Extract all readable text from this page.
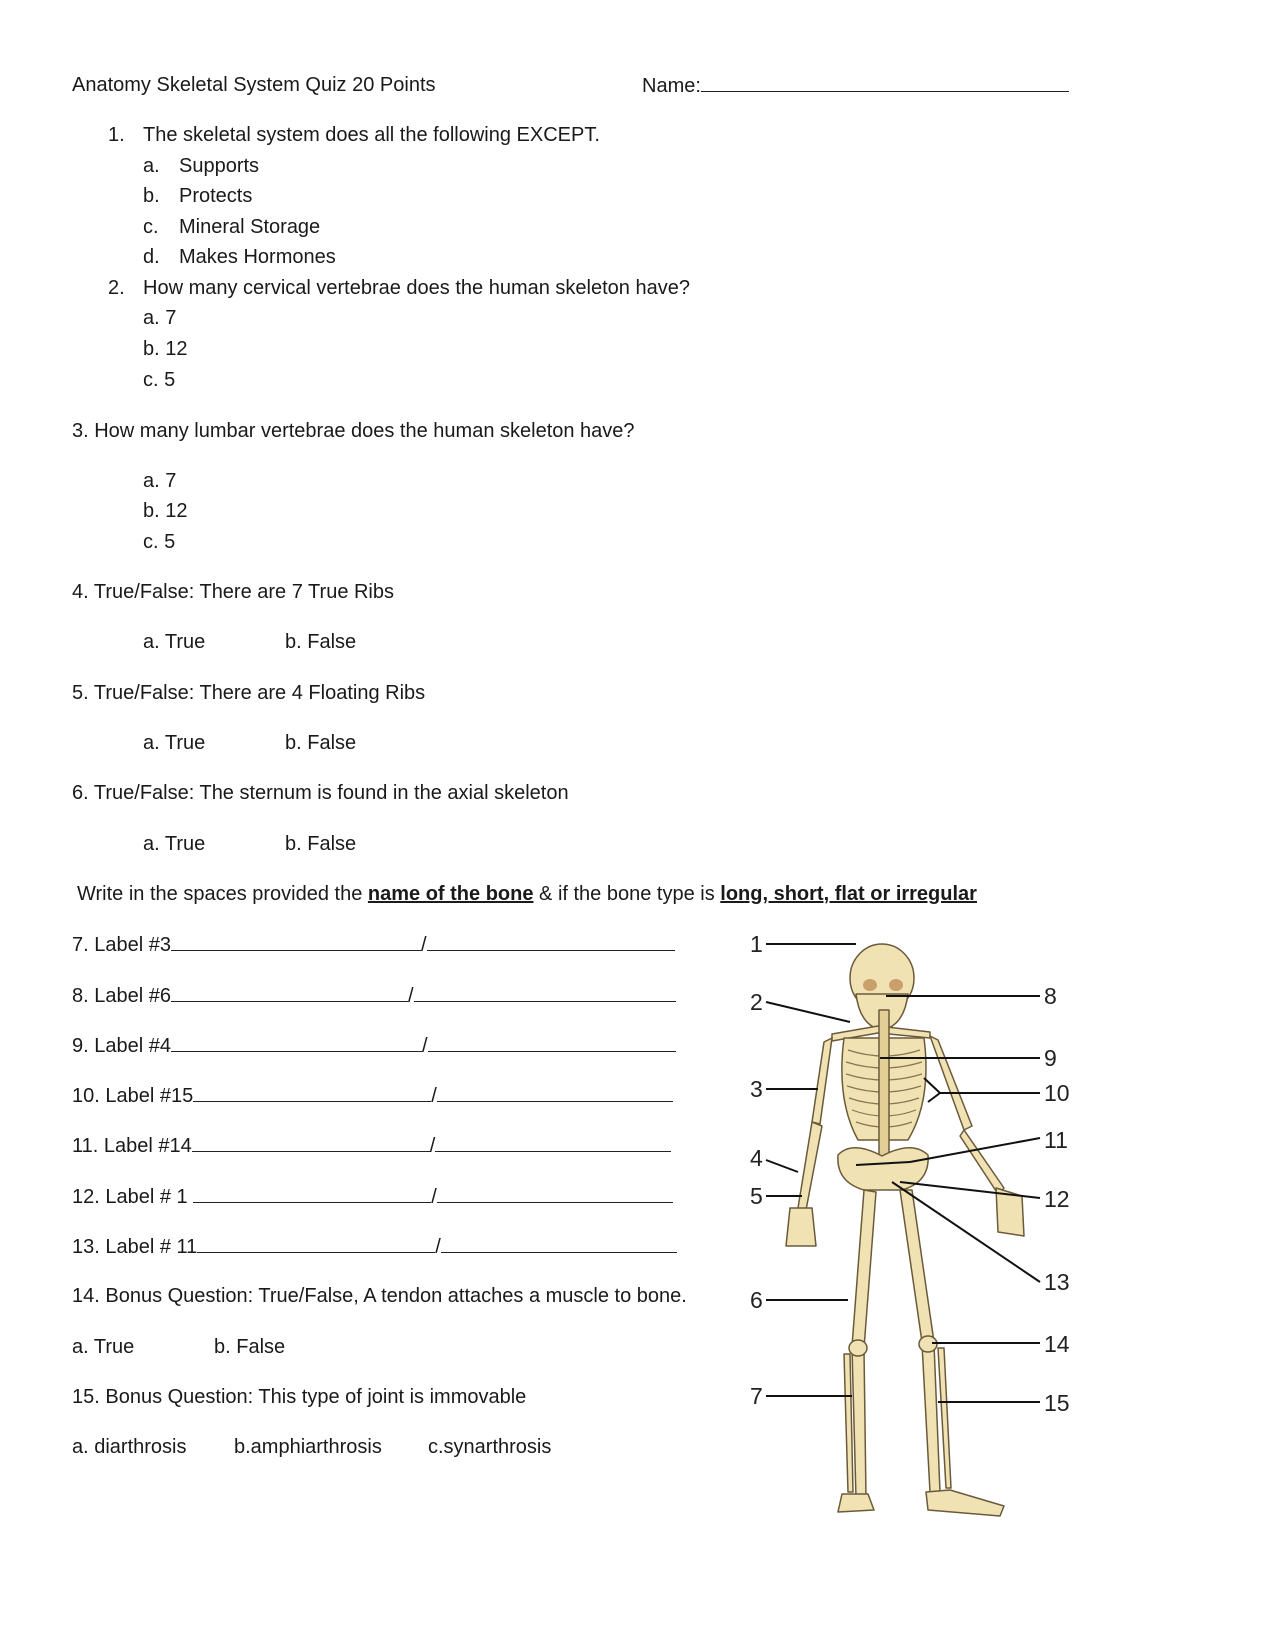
Anatomy Skeletal System Quiz 20 Points	Name:
1. The skeletal system does all the following EXCEPT.
a. Supports
b. Protects
c. Mineral Storage
d. Makes Hormones
2. How many cervical vertebrae does the human skeleton have?
a. 7
b. 12
c. 5
3. How many lumbar vertebrae does the human skeleton have?
a. 7
b. 12
c. 5
4. True/False: There are 7 True Ribs
a. True	b. False
5. True/False: There are 4 Floating Ribs
a. True	b. False
6. True/False: The sternum is found in the axial skeleton
a. True	b. False
Write in the spaces provided the name of the bone & if the bone type is long, short, flat or irregular
7. Label #3	/
8. Label #6	/
9. Label #4	/
10. Label #15	/
11. Label #14	/
12. Label # 1	/
13. Label # 11	/
14. Bonus Question: True/False, A tendon attaches a muscle to bone.
a. True	b. False
15. Bonus Question: This type of joint is immovable
a. diarthrosis b.amphiarthrosis c.synarthrosis
1
2
3
4
5
6
7
8
9
10
11
12
13
14
15
